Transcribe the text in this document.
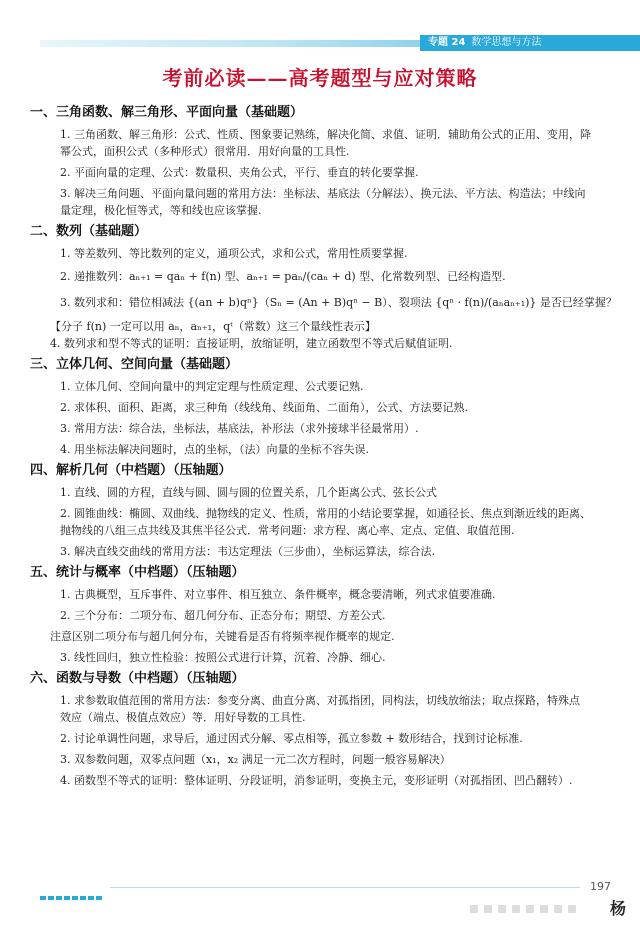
专题 24 数学思想与方法
考前必读——高考题型与应对策略
一、三角函数、解三角形、平面向量（基础题）
1. 三角函数、解三角形：公式、性质、图象要记熟练，解决化简、求值、证明．辅助角公式的正用、变用，降
幂公式，面积公式（多种形式）很常用．用好向量的工具性.
2. 平面向量的定理、公式：数量积、夹角公式，平行、垂直的转化要掌握.
3. 解决三角问题、平面向量问题的常用方法：坐标法、基底法（分解法）、换元法、平方法、构造法；中线向
量定理，极化恒等式，等和线也应该掌握.
二、数列（基础题）
1. 等差数列、等比数列的定义，通项公式，求和公式，常用性质要掌握.
2. 递推数列：aₙ₊₁ = qaₙ + f(n) 型、aₙ₊₁ = paₙ/(caₙ + d) 型、化常数列型、已经构造型.
3. 数列求和：错位相减法 {(an + b)qⁿ}（Sₙ = (An + B)qⁿ − B）、裂项法 {qⁿ · f(n)/(aₙaₙ₊₁)} 是否已经掌握？
【分子 f(n) 一定可以用 aₙ，aₙ₊₁，qᵗ（常数）这三个量线性表示】
4. 数列求和型不等式的证明：直接证明，放缩证明，建立函数型不等式后赋值证明.
三、立体几何、空间向量（基础题）
1. 立体几何、空间向量中的判定定理与性质定理、公式要记熟.
2. 求体积、面积、距离，求三种角（线线角、线面角、二面角），公式、方法要记熟.
3. 常用方法：综合法，坐标法，基底法，补形法（求外接球半径最常用）.
4. 用坐标法解决问题时，点的坐标，（法）向量的坐标不容失误.
四、解析几何（中档题）（压轴题）
1. 直线、圆的方程，直线与圆、圆与圆的位置关系，几个距离公式、弦长公式
2. 圆锥曲线：椭圆、双曲线、抛物线的定义、性质，常用的小结论要掌握，如通径长、焦点到渐近线的距离、
抛物线的八组三点共线及其焦半径公式．常考问题：求方程、离心率、定点、定值、取值范围.
3. 解决直线交曲线的常用方法：韦达定理法（三步曲），坐标运算法，综合法.
五、统计与概率（中档题）（压轴题）
1. 古典概型，互斥事件、对立事件、相互独立、条件概率，概念要清晰，列式求值要准确.
2. 三个分布：二项分布、超几何分布、正态分布；期望、方差公式.
注意区别二项分布与超几何分布，关键看是否有将频率视作概率的规定.
3. 线性回归，独立性检验：按照公式进行计算，沉着、冷静、细心.
六、函数与导数（中档题）（压轴题）
1. 求参数取值范围的常用方法：参变分离、曲直分离、对孤指团，同构法，切线放缩法；取点探路，特殊点
效应（端点、极值点效应）等．用好导数的工具性.
2. 讨论单调性问题，求导后，通过因式分解、零点相等，孤立参数 + 数形结合，找到讨论标准.
3. 双参数问题，双零点问题（x₁，x₂ 满足一元二次方程时，问题一般容易解决）
4. 函数型不等式的证明：整体证明、分段证明，消参证明，变换主元，变形证明（对孤指团、凹凸翻转）.
197
杨
